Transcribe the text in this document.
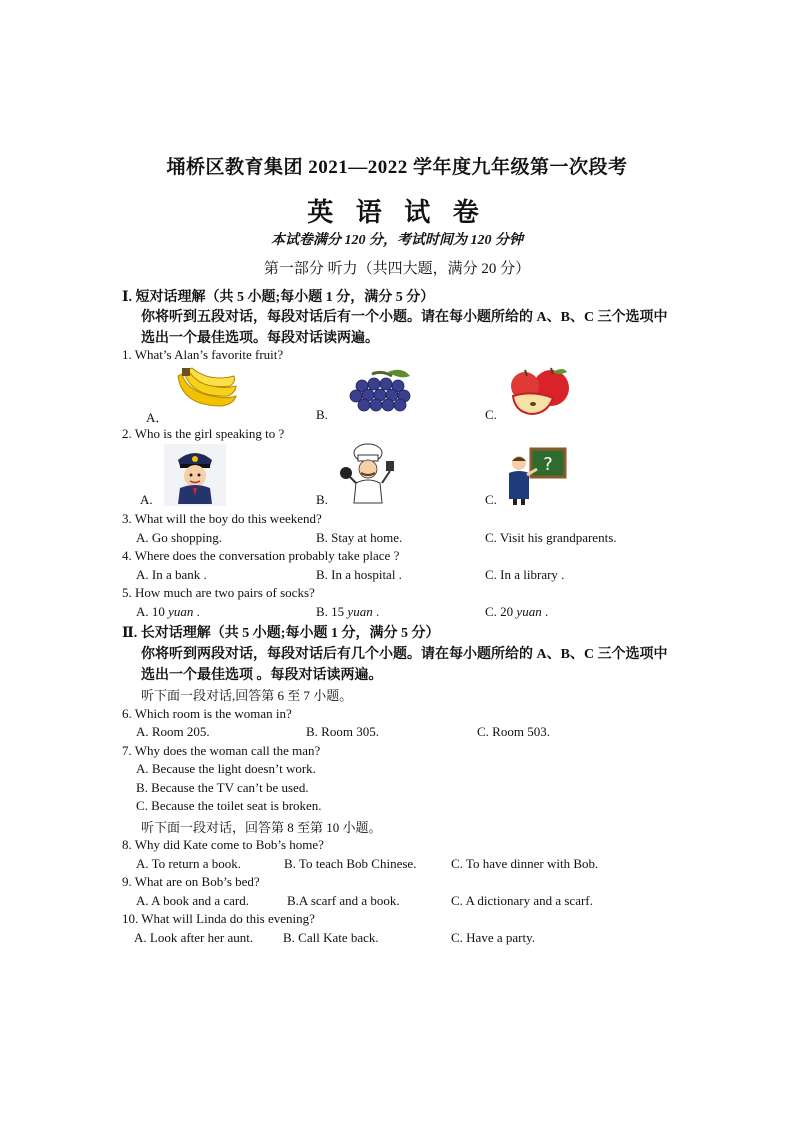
埇桥区教育集团 2021—2022 学年度九年级第一次段考
英 语 试 卷
本试卷满分 120 分，考试时间为 120 分钟
第一部分 听力（共四大题，满分 20 分）
Ⅰ. 短对话理解（共 5 小题;每小题 1 分，满分 5 分）
你将听到五段对话，每段对话后有一个小题。请在每小题所给的 A、B、C 三个选项中
选出一个最佳选项。每段对话读两遍。
1. What’s Alan’s favorite fruit?
A．	B.	C.
2. Who is the girl speaking to ?
?
A.	B.	C.
3. What will the boy do this weekend?
A. Go shopping.	B. Stay at home.	C. Visit his grandparents.
4. Where does the conversation probably take place ?
A. In a bank .	B. In a hospital .	C. In a library .
5. How much are two pairs of socks?
A. 10 yuan .	B. 15 yuan .	C. 20 yuan .
Ⅱ. 长对话理解（共 5 小题;每小题 1 分，满分 5 分）
你将听到两段对话，每段对话后有几个小题。请在每小题所给的 A、B、C 三个选项中
选出一个最佳选项 。每段对话读两遍。
听下面一段对话,回答第 6 至 7 小题。
6. Which room is the woman in?
A. Room 205.	B. Room 305.	C. Room 503.
7. Why does the woman call the man?
A. Because the light doesn’t work.
B. Because the TV can’t be used.
C. Because the toilet seat is broken.
听下面一段对话，回答第 8 至第 10 小题。
8. Why did Kate come to Bob’s home?
A. To return a book.	B. To teach Bob Chinese.	C. To have dinner with Bob.
9. What are on Bob’s bed?
A. A book and a card.	B.A scarf and a book.	C. A dictionary and a scarf.
10. What will Linda do this evening?
A. Look after her aunt. B. Call Kate back.	C. Have a party.
